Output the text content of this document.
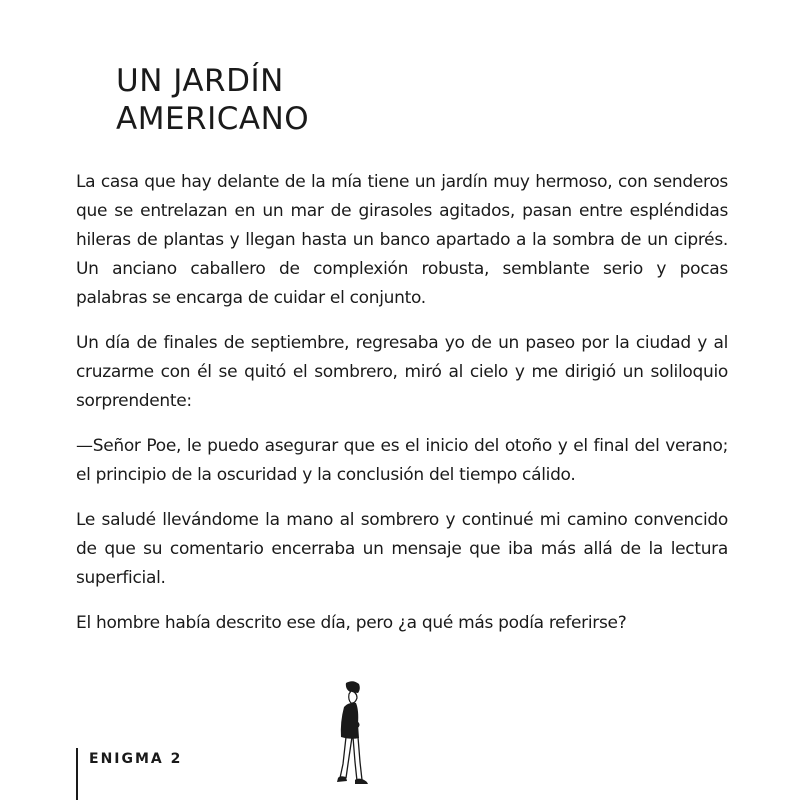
UN JARDÍN
AMERICANO

La casa que hay delante de la mía tiene un jardín muy hermoso, con senderos que se entrelazan en un mar de girasoles agitados, pasan entre espléndidas hileras de plantas y llegan hasta un banco apartado a la sombra de un ciprés. Un anciano caballero de complexión robusta, semblante serio y pocas palabras se encarga de cuidar el conjunto.

Un día de finales de septiembre, regresaba yo de un paseo por la ciudad y al cruzarme con él se quitó el sombrero, miró al cielo y me dirigió un soliloquio sorprendente:

—Señor Poe, le puedo asegurar que es el inicio del otoño y el final del verano; el principio de la oscuridad y la conclusión del tiempo cálido.

Le saludé llevándome la mano al sombrero y continué mi camino convencido de que su comentario encerraba un mensaje que iba más allá de la lectura superficial.

El hombre había descrito ese día, pero ¿a qué más podía referirse?

ENIGMA 2
